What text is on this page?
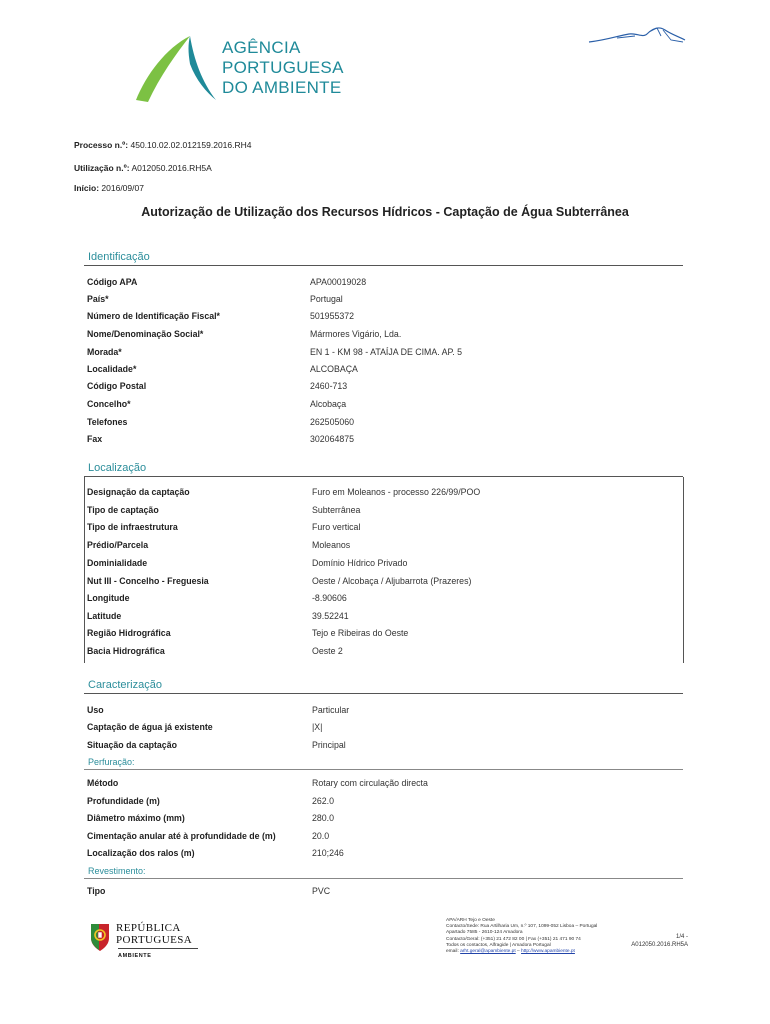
AGÊNCIA
PORTUGUESA
DO AMBIENTE
Processo n.º: 450.10.02.02.012159.2016.RH4
Utilização n.º: A012050.2016.RH5A
Início: 2016/09/07
Autorização de Utilização dos Recursos Hídricos - Captação de Água Subterrânea
Identificação
Código APA	APA00019028
País*	Portugal
Número de Identificação Fiscal*	501955372
Nome/Denominação Social*	Mármores Vigário, Lda.
Morada*	EN 1 - KM 98 - ATAÍJA DE CIMA. AP. 5
Localidade*	ALCOBAÇA
Código Postal	2460-713
Concelho*	Alcobaça
Telefones	262505060
Fax	302064875
Localização
Designação da captação	Furo em Moleanos - processo 226/99/POO
Tipo de captação	Subterrânea
Tipo de infraestrutura	Furo vertical
Prédio/Parcela	Moleanos
Dominialidade	Domínio Hídrico Privado
Nut III - Concelho - Freguesia	Oeste / Alcobaça / Aljubarrota (Prazeres)
Longitude	-8.90606
Latitude	39.52241
Região Hidrográfica	Tejo e Ribeiras do Oeste
Bacia Hidrográfica	Oeste 2
Caracterização
Uso	Particular
Captação de água já existente	|X|
Situação da captação	Principal
Perfuração:
Método	Rotary com circulação directa
Profundidade (m)	262.0
Diâmetro máximo (mm)	280.0
Cimentação anular até à profundidade de (m)	20.0
Localização dos ralos (m)	210;246
Revestimento:
Tipo	PVC
REPÚBLICA
PORTUGUESA
AMBIENTE
APA/ARH Tejo e Oeste
Contacto/Sede: Rua Artilharia Um, n.º 107, 1099-052 Lisboa – Portugal
Apartado 7585 - 2610-124 Amadora
Contacto/Geral: (+351) 21 472 82 00 | Fax (+351) 21 471 90 74
Todos os contactos, Alfragide | Amadora Portugal
email: arht.geral@apambiente.pt – http://www.apambiente.pt
1/4 -
A012050.2016.RH5A
